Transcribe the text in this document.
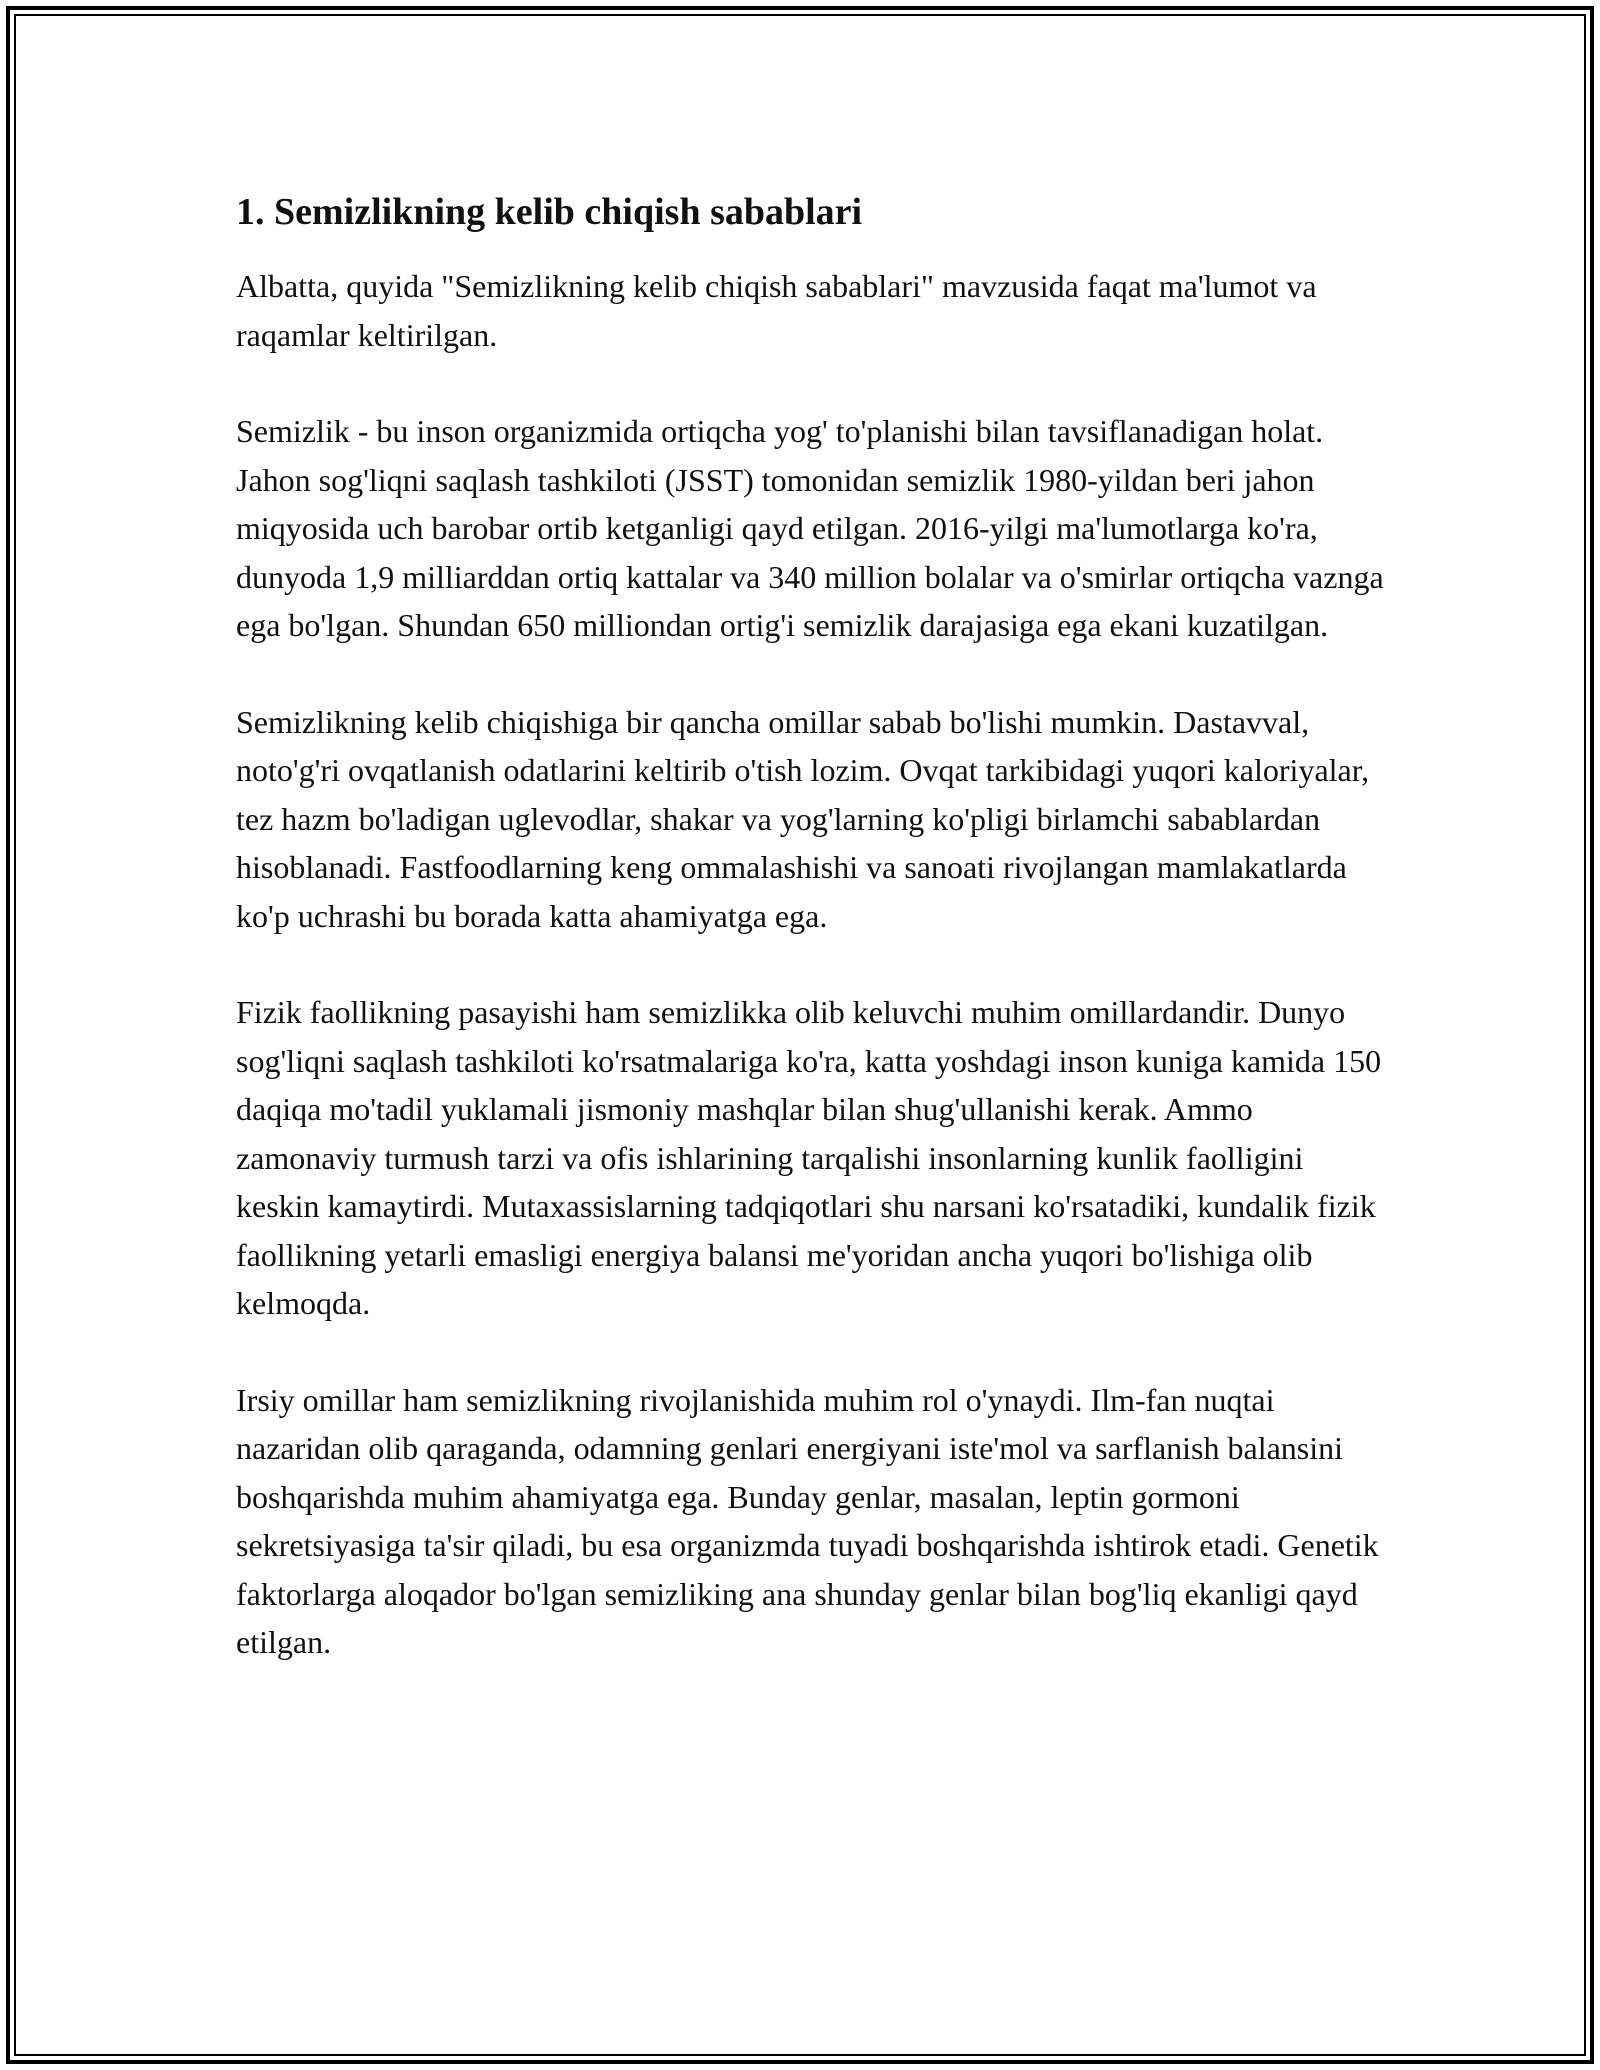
1. Semizlikning kelib chiqish sabablari

Albatta, quyida "Semizlikning kelib chiqish sabablari" mavzusida faqat ma'lumot va raqamlar keltirilgan.

Semizlik - bu inson organizmida ortiqcha yog' to'planishi bilan tavsiflanadigan holat. Jahon sog'liqni saqlash tashkiloti (JSST) tomonidan semizlik 1980-yildan beri jahon miqyosida uch barobar ortib ketganligi qayd etilgan. 2016-yilgi ma'lumotlarga ko'ra, dunyoda 1,9 milliarddan ortiq kattalar va 340 million bolalar va o'smirlar ortiqcha vaznga ega bo'lgan. Shundan 650 milliondan ortig'i semizlik darajasiga ega ekani kuzatilgan.

Semizlikning kelib chiqishiga bir qancha omillar sabab bo'lishi mumkin. Dastavval, noto'g'ri ovqatlanish odatlarini keltirib o'tish lozim. Ovqat tarkibidagi yuqori kaloriyalar, tez hazm bo'ladigan uglevodlar, shakar va yog'larning ko'pligi birlamchi sabablardan hisoblanadi. Fastfoodlarning keng ommalashishi va sanoati rivojlangan mamlakatlarda ko'p uchrashi bu borada katta ahamiyatga ega.

Fizik faollikning pasayishi ham semizlikka olib keluvchi muhim omillardandir. Dunyo sog'liqni saqlash tashkiloti ko'rsatmalariga ko'ra, katta yoshdagi inson kuniga kamida 150 daqiqa mo'tadil yuklamali jismoniy mashqlar bilan shug'ullanishi kerak. Ammo zamonaviy turmush tarzi va ofis ishlarining tarqalishi insonlarning kunlik faolligini keskin kamaytirdi. Mutaxassislarning tadqiqotlari shu narsani ko'rsatadiki, kundalik fizik faollikning yetarli emasligi energiya balansi me'yoridan ancha yuqori bo'lishiga olib kelmoqda.

Irsiy omillar ham semizlikning rivojlanishida muhim rol o'ynaydi. Ilm-fan nuqtai nazaridan olib qaraganda, odamning genlari energiyani iste'mol va sarflanish balansini boshqarishda muhim ahamiyatga ega. Bunday genlar, masalan, leptin gormoni sekretsiyasiga ta'sir qiladi, bu esa organizmda tuyadi boshqarishda ishtirok etadi. Genetik faktorlarga aloqador bo'lgan semizliking ana shunday genlar bilan bog'liq ekanligi qayd etilgan.
